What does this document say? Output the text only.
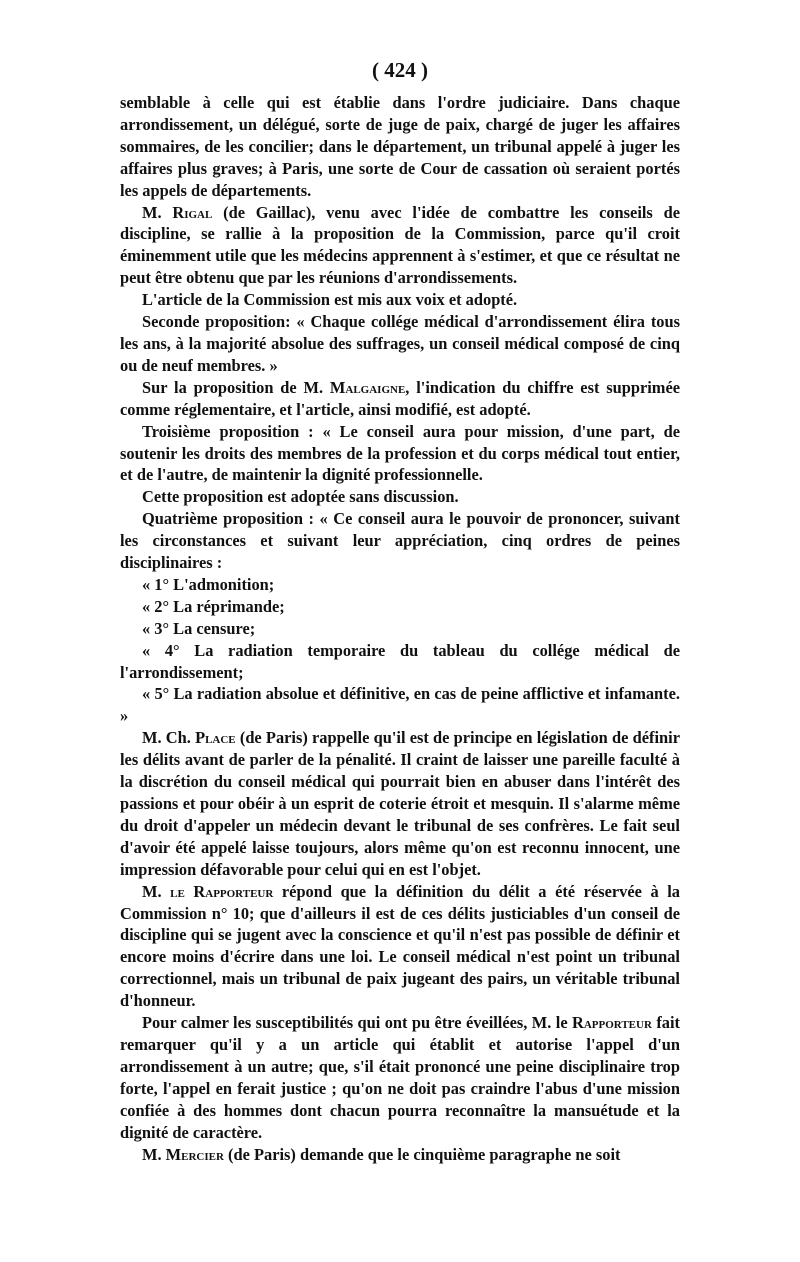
( 424 )

semblable à celle qui est établie dans l'ordre judiciaire. Dans chaque arrondissement, un délégué, sorte de juge de paix, chargé de juger les affaires sommaires, de les concilier; dans le département, un tribunal appelé à juger les affaires plus graves; à Paris, une sorte de Cour de cassation où seraient portés les appels de départements.

M. Rigal (de Gaillac), venu avec l'idée de combattre les conseils de discipline, se rallie à la proposition de la Commission, parce qu'il croit éminemment utile que les médecins apprennent à s'estimer, et que ce résultat ne peut être obtenu que par les réunions d'arrondissements.

L'article de la Commission est mis aux voix et adopté.

Seconde proposition: « Chaque collége médical d'arrondissement élira tous les ans, à la majorité absolue des suffrages, un conseil médical composé de cinq ou de neuf membres. »

Sur la proposition de M. Malgaigne, l'indication du chiffre est supprimée comme réglementaire, et l'article, ainsi modifié, est adopté.

Troisième proposition : « Le conseil aura pour mission, d'une part, de soutenir les droits des membres de la profession et du corps médical tout entier, et de l'autre, de maintenir la dignité professionnelle.

Cette proposition est adoptée sans discussion.

Quatrième proposition : « Ce conseil aura le pouvoir de prononcer, suivant les circonstances et suivant leur appréciation, cinq ordres de peines disciplinaires :

« 1° L'admonition;

« 2° La réprimande;

« 3° La censure;

« 4° La radiation temporaire du tableau du collége médical de l'arrondissement;

« 5° La radiation absolue et définitive, en cas de peine afflictive et infamante. »

M. Ch. Place (de Paris) rappelle qu'il est de principe en législation de définir les délits avant de parler de la pénalité. Il craint de laisser une pareille faculté à la discrétion du conseil médical qui pourrait bien en abuser dans l'intérêt des passions et pour obéir à un esprit de coterie étroit et mesquin. Il s'alarme même du droit d'appeler un médecin devant le tribunal de ses confrères. Le fait seul d'avoir été appelé laisse toujours, alors même qu'on est reconnu innocent, une impression défavorable pour celui qui en est l'objet.

M. le Rapporteur répond que la définition du délit a été réservée à la Commission n° 10; que d'ailleurs il est de ces délits justiciables d'un conseil de discipline qui se jugent avec la conscience et qu'il n'est pas possible de définir et encore moins d'écrire dans une loi. Le conseil médical n'est point un tribunal correctionnel, mais un tribunal de paix jugeant des pairs, un véritable tribunal d'honneur.

Pour calmer les susceptibilités qui ont pu être éveillées, M. le Rapporteur fait remarquer qu'il y a un article qui établit et autorise l'appel d'un arrondissement à un autre; que, s'il était prononcé une peine disciplinaire trop forte, l'appel en ferait justice ; qu'on ne doit pas craindre l'abus d'une mission confiée à des hommes dont chacun pourra reconnaître la mansuétude et la dignité de caractère.

M. Mercier (de Paris) demande que le cinquième paragraphe ne soit
